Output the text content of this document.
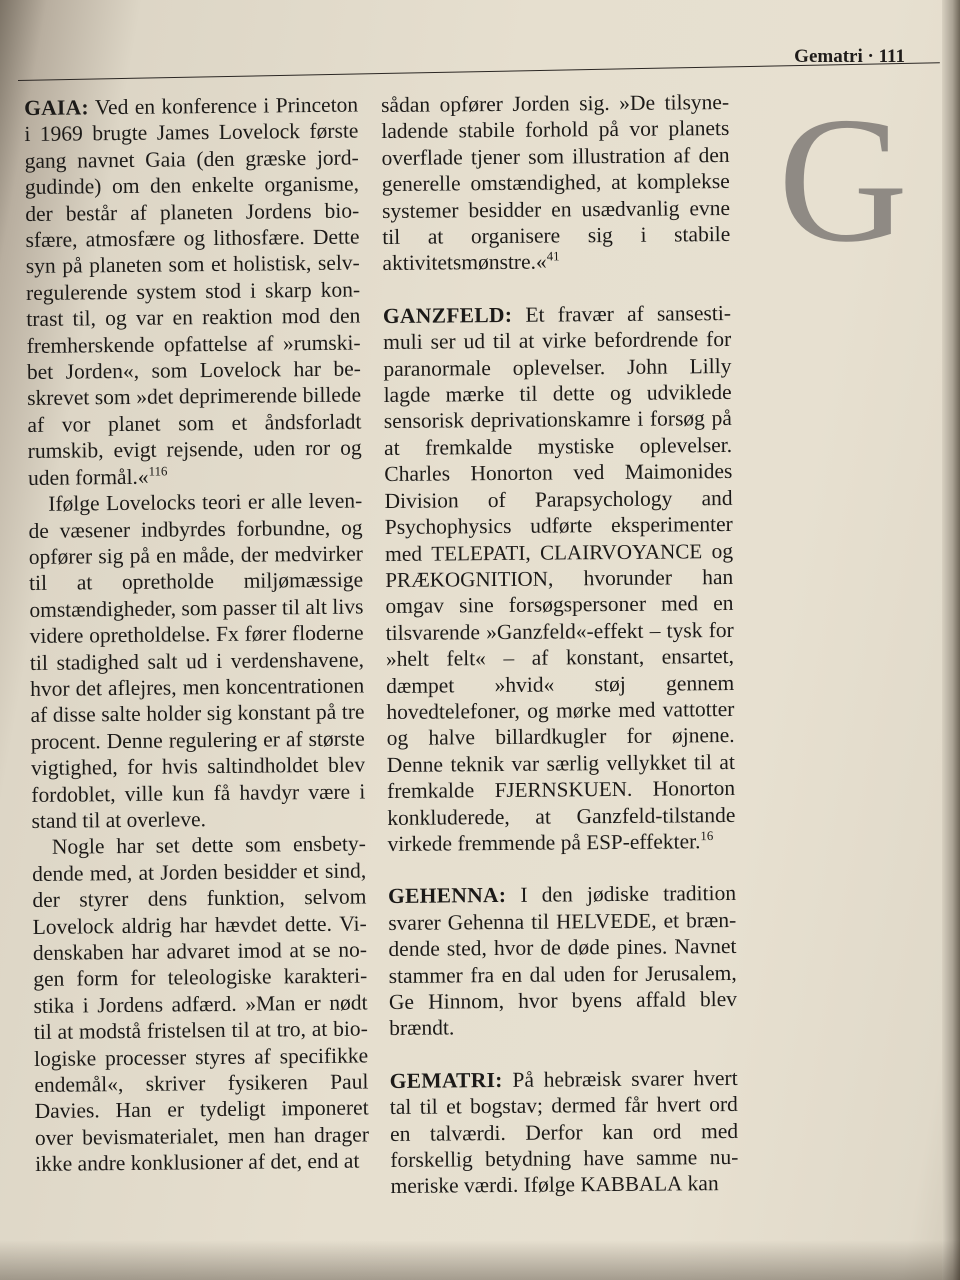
Gematri · 111
G

GAIA: Ved en konference i Princeton i 1969 brugte James Lovelock første gang navnet Gaia (den græske jordgudinde) om den enkelte organisme, der består af planeten Jordens biosfære, atmosfære og lithosfære. Dette syn på planeten som et holistisk, selvregulerende system stod i skarp kontrast til, og var en reaktion mod den fremherskende opfattelse af »rumskibet Jorden«, som Lovelock har beskrevet som »det deprimerende billede af vor planet som et åndsforladt rumskib, evigt rejsende, uden ror og uden formål.«$^{116}$

Ifølge Lovelocks teori er alle levende væsener indbyrdes forbundne, og opfører sig på en måde, der medvirker til at opretholde miljømæssige omstændigheder, som passer til alt livs videre opretholdelse. Fx fører floderne til stadighed salt ud i verdenshavene, hvor det aflejres, men koncentrationen af disse salte holder sig konstant på tre procent. Denne regulering er af største vigtighed, for hvis saltindholdet blev fordoblet, ville kun få havdyr være i stand til at overleve.

Nogle har set dette som ensbetydende med, at Jorden besidder et sind, der styrer dens funktion, selvom Lovelock aldrig har hævdet dette. Videnskaben har advaret imod at se nogen form for teleologiske karakteristika i Jordens adfærd. »Man er nødt til at modstå fristelsen til at tro, at biologiske processer styres af specifikke endemål«, skriver fysikeren Paul Davies. Han er tydeligt imponeret over bevismaterialet, men han drager ikke andre konklusioner af det, end at

sådan opfører Jorden sig. »De tilsyneladende stabile forhold på vor planets overflade tjener som illustration af den generelle omstændighed, at komplekse systemer besidder en usædvanlig evne til at organisere sig i stabile aktivitetsmønstre.«$^{41}$

GANZFELD: Et fravær af sansestimuli ser ud til at virke befordrende for paranormale oplevelser. John Lilly lagde mærke til dette og udviklede sensorisk deprivationskamre i forsøg på at fremkalde mystiske oplevelser. Charles Honorton ved Maimonides Division of Parapsychology and Psychophysics udførte eksperimenter med TELEPATI, CLAIRVOYANCE og PRÆKOGNITION, hvorunder han omgav sine forsøgspersoner med en tilsvarende »Ganzfeld«-effekt – tysk for »helt felt« – af konstant, ensartet, dæmpet »hvid« støj gennem hovedtelefoner, og mørke med vattotter og halve billardkugler for øjnene. Denne teknik var særlig vellykket til at fremkalde FJERNSKUEN. Honorton konkluderede, at Ganzfeld-tilstande virkede fremmende på ESP-effekter.$^{16}$

GEHENNA: I den jødiske tradition svarer Gehenna til HELVEDE, et brændende sted, hvor de døde pines. Navnet stammer fra en dal uden for Jerusalem, Ge Hinnom, hvor byens affald blev brændt.

GEMATRI: På hebræisk svarer hvert tal til et bogstav; dermed får hvert ord en talværdi. Derfor kan ord med forskellig betydning have samme numeriske værdi. Ifølge KABBALA kan
